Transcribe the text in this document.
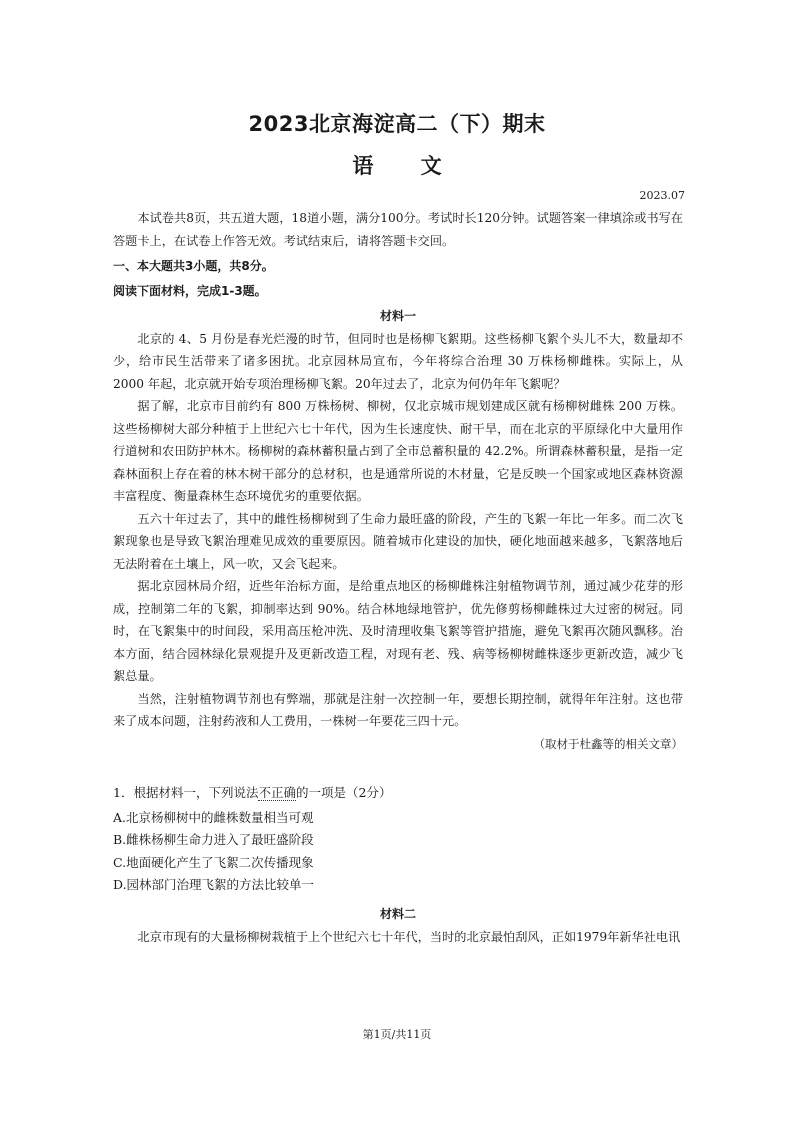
2023北京海淀高二（下）期末
语 文
2023.07

本试卷共8页，共五道大题，18道小题，满分100分。考试时长120分钟。试题答案一律填涂或书写在答题卡上，在试卷上作答无效。考试结束后，请将答题卡交回。

一、本大题共3小题，共8分。
阅读下面材料，完成1-3题。
材料一

北京的 4、5 月份是春光烂漫的时节，但同时也是杨柳飞絮期。这些杨柳飞絮个头儿不大，数量却不少，给市民生活带来了诸多困扰。北京园林局宣布，今年将综合治理 30 万株杨柳雌株。实际上，从 2000 年起，北京就开始专项治理杨柳飞絮。20年过去了，北京为何仍年年飞絮呢？

据了解，北京市目前约有 800 万株杨树、柳树，仅北京城市规划建成区就有杨柳树雌株 200 万株。这些杨柳树大部分种植于上世纪六七十年代，因为生长速度快、耐干旱，而在北京的平原绿化中大量用作行道树和农田防护林木。杨柳树的森林蓄积量占到了全市总蓄积量的 42.2%。所谓森林蓄积量，是指一定森林面积上存在着的林木树干部分的总材积，也是通常所说的木材量，它是反映一个国家或地区森林资源丰富程度、衡量森林生态环境优劣的重要依据。

五六十年过去了，其中的雌性杨柳树到了生命力最旺盛的阶段，产生的飞絮一年比一年多。而二次飞絮现象也是导致飞絮治理难见成效的重要原因。随着城市化建设的加快，硬化地面越来越多，飞絮落地后无法附着在土壤上，风一吹，又会飞起来。

据北京园林局介绍，近些年治标方面，是给重点地区的杨柳雌株注射植物调节剂，通过减少花芽的形成，控制第二年的飞絮，抑制率达到 90%。结合林地绿地管护，优先修剪杨柳雌株过大过密的树冠。同时，在飞絮集中的时间段，采用高压枪冲洗、及时清理收集飞絮等管护措施，避免飞絮再次随风飘移。治本方面，结合园林绿化景观提升及更新改造工程，对现有老、残、病等杨柳树雌株逐步更新改造，减少飞絮总量。

当然，注射植物调节剂也有弊端，那就是注射一次控制一年，要想长期控制，就得年年注射。这也带来了成本问题，注射药液和人工费用，一株树一年要花三四十元。

（取材于杜鑫等的相关文章）

1．根据材料一，下列说法不正确的一项是（2分）

A.北京杨柳树中的雌株数量相当可观

B.雌株杨柳生命力进入了最旺盛阶段

C.地面硬化产生了飞絮二次传播现象

D.园林部门治理飞絮的方法比较单一

材料二

北京市现有的大量杨柳树栽植于上个世纪六七十年代，当时的北京最怕刮风，正如1979年新华社电讯

第1页/共11页
